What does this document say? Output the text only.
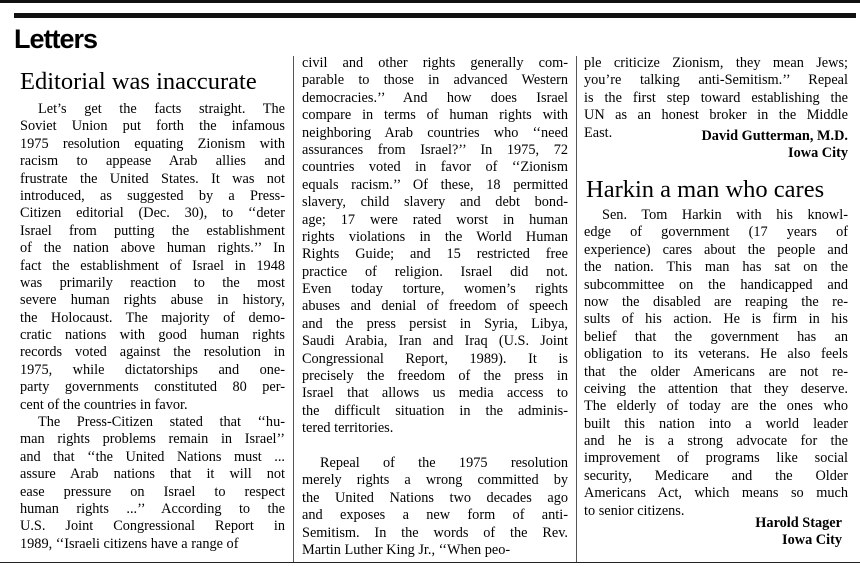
Letters
Editorial was inaccurate
Let’s get the facts straight. The
Soviet Union put forth the infamous
1975 resolution equating Zionism with
racism to appease Arab allies and
frustrate the United States. It was not
introduced, as suggested by a Press-
Citizen editorial (Dec. 30), to ‘‘deter
Israel from putting the establishment
of the nation above human rights.’’ In
fact the establishment of Israel in 1948
was primarily reaction to the most
severe human rights abuse in history,
the Holocaust. The majority of demo-
cratic nations with good human rights
records voted against the resolution in
1975, while dictatorships and one-
party governments constituted 80 per-
cent of the countries in favor.
The Press-Citizen stated that ‘‘hu-
man rights problems remain in Israel’’
and that ‘‘the United Nations must ...
assure Arab nations that it will not
ease pressure on Israel to respect
human rights ...’’ According to the
U.S. Joint Congressional Report in
1989, ‘‘Israeli citizens have a range of
civil and other rights generally com-
parable to those in advanced Western
democracies.’’ And how does Israel
compare in terms of human rights with
neighboring Arab countries who ‘‘need
assurances from Israel?’’ In 1975, 72
countries voted in favor of ‘‘Zionism
equals racism.’’ Of these, 18 permitted
slavery, child slavery and debt bond-
age; 17 were rated worst in human
rights violations in the World Human
Rights Guide; and 15 restricted free
practice of religion. Israel did not.
Even today torture, women’s rights
abuses and denial of freedom of speech
and the press persist in Syria, Libya,
Saudi Arabia, Iran and Iraq (U.S. Joint
Congressional Report, 1989). It is
precisely the freedom of the press in
Israel that allows us media access to
the difficult situation in the adminis-
tered territories.

Repeal of the 1975 resolution
merely rights a wrong committed by
the United Nations two decades ago
and exposes a new form of anti-
Semitism. In the words of the Rev.
Martin Luther King Jr., ‘‘When peo-
ple criticize Zionism, they mean Jews;
you’re talking anti-Semitism.’’ Repeal
is the first step toward establishing the
UN as an honest broker in the Middle
East.	David Gutterman, M.D.
Iowa City
Harkin a man who cares
Sen. Tom Harkin with his knowl-
edge of government (17 years of
experience) cares about the people and
the nation. This man has sat on the
subcommittee on the handicapped and
now the disabled are reaping the re-
sults of his action. He is firm in his
belief that the government has an
obligation to its veterans. He also feels
that the older Americans are not re-
ceiving the attention that they deserve.
The elderly of today are the ones who
built this nation into a world leader
and he is a strong advocate for the
improvement of programs like social
security, Medicare and the Older
Americans Act, which means so much
to senior citizens.
Harold Stager
Iowa City
